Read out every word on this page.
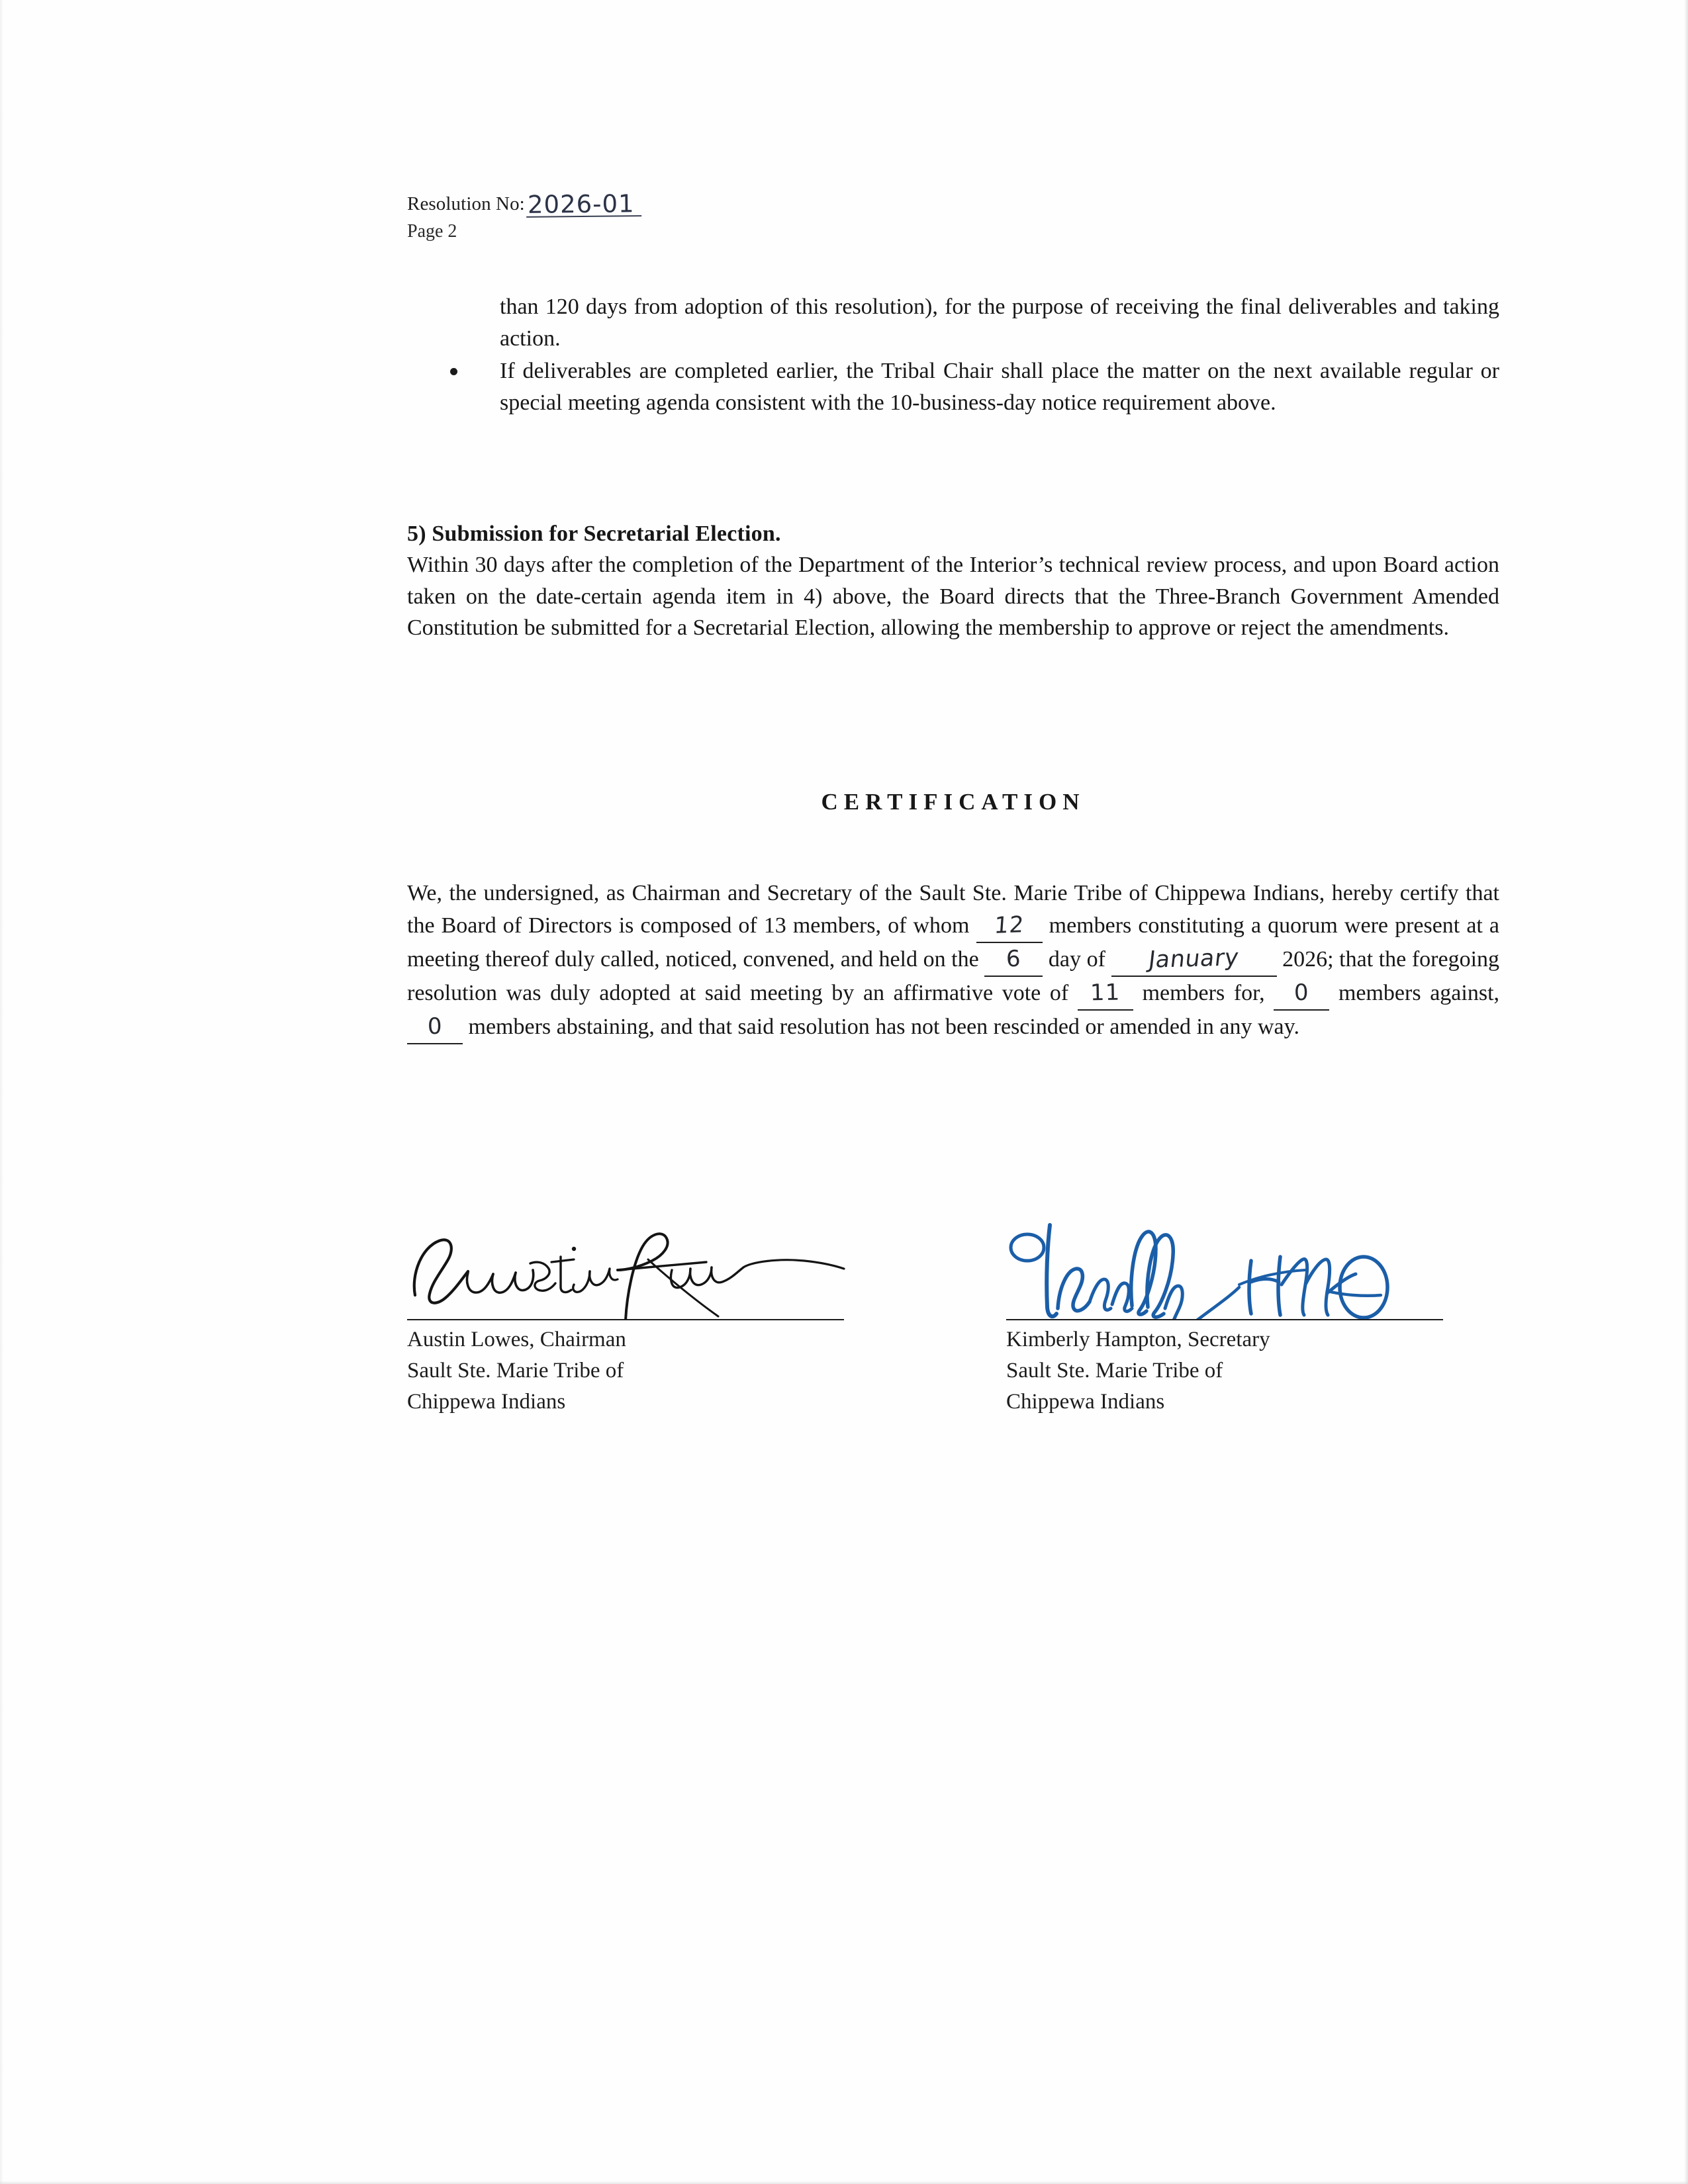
Resolution No: 2026-01
Page 2
than 120 days from adoption of this resolution), for the purpose of receiving the final deliverables and taking action.
If deliverables are completed earlier, the Tribal Chair shall place the matter on the next available regular or special meeting agenda consistent with the 10-business-day notice requirement above.
5) Submission for Secretarial Election.
Within 30 days after the completion of the Department of the Interior’s technical review process, and upon Board action taken on the date-certain agenda item in 4) above, the Board directs that the Three-Branch Government Amended Constitution be submitted for a Secretarial Election, allowing the membership to approve or reject the amendments.
CERTIFICATION

We, the undersigned, as Chairman and Secretary of the Sault Ste. Marie Tribe of Chippewa Indians, hereby certify that the Board of Directors is composed of 13 members, of whom 12 members constituting a quorum were present at a meeting thereof duly called, noticed, convened, and held on the 6 day of January 2026; that the foregoing resolution was duly adopted at said meeting by an affirmative vote of 11 members for, 0 members against, 0 members abstaining, and that said resolution has not been rescinded or amended in any way.

Austin Lowes, Chairman
Sault Ste. Marie Tribe of
Chippewa Indians
Kimberly Hampton, Secretary
Sault Ste. Marie Tribe of
Chippewa Indians
